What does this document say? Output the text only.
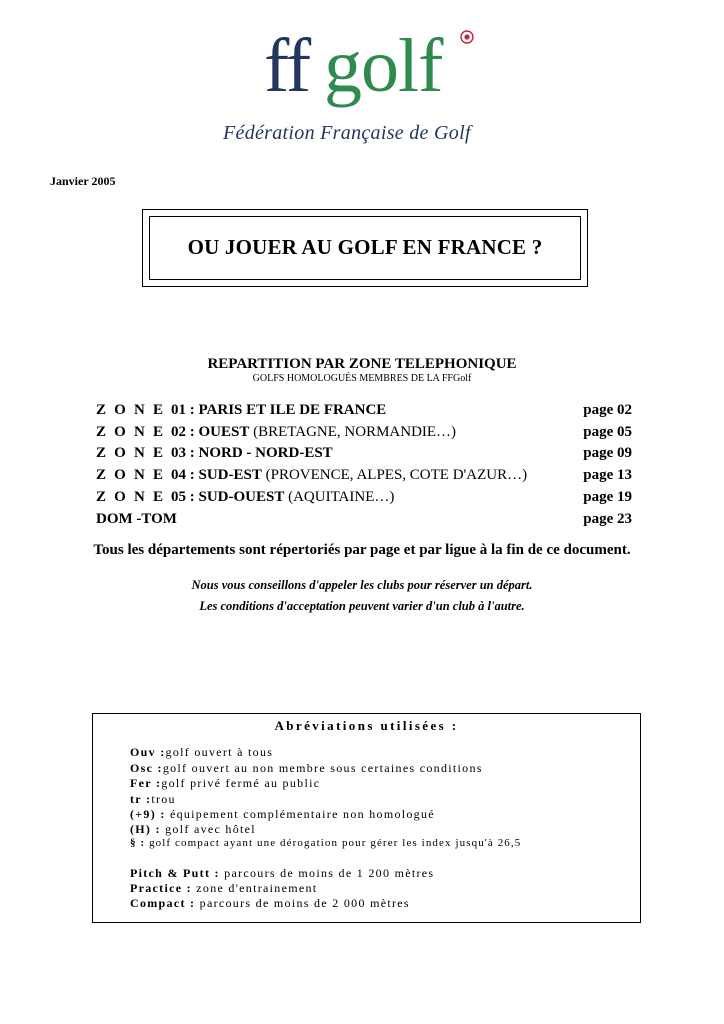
ff golf
Fédération Française de Golf
Janvier 2005
OU JOUER AU GOLF EN FRANCE ?
REPARTITION PAR ZONE TELEPHONIQUE
GOLFS HOMOLOGUÉS MEMBRES DE LA FFGolf
Z O N E 01 : PARIS ET ILE DE FRANCE	page 02
Z O N E 02 : OUEST (BRETAGNE, NORMANDIE…)	page 05
Z O N E 03 : NORD - NORD-EST	page 09
Z O N E 04 : SUD-EST (PROVENCE, ALPES, COTE D'AZUR…)	page 13
Z O N E 05 : SUD-OUEST (AQUITAINE…)	page 19
DOM -TOM	page 23
Tous les départements sont répertoriés par page et par ligue à la fin de ce document.
Nous vous conseillons d'appeler les clubs pour réserver un départ.
Les conditions d'acceptation peuvent varier d'un club à l'autre.
Abréviations utilisées :
Ouv :golf ouvert à tous
Osc :golf ouvert au non membre sous certaines conditions
Fer :golf privé fermé au public
tr :trou
(+9) : équipement complémentaire non homologué
(H) : golf avec hôtel
§ : golf compact ayant une dérogation pour gérer les index jusqu'à 26,5
Pitch & Putt : parcours de moins de 1 200 mètres
Practice : zone d'entrainement
Compact : parcours de moins de 2 000 mètres
